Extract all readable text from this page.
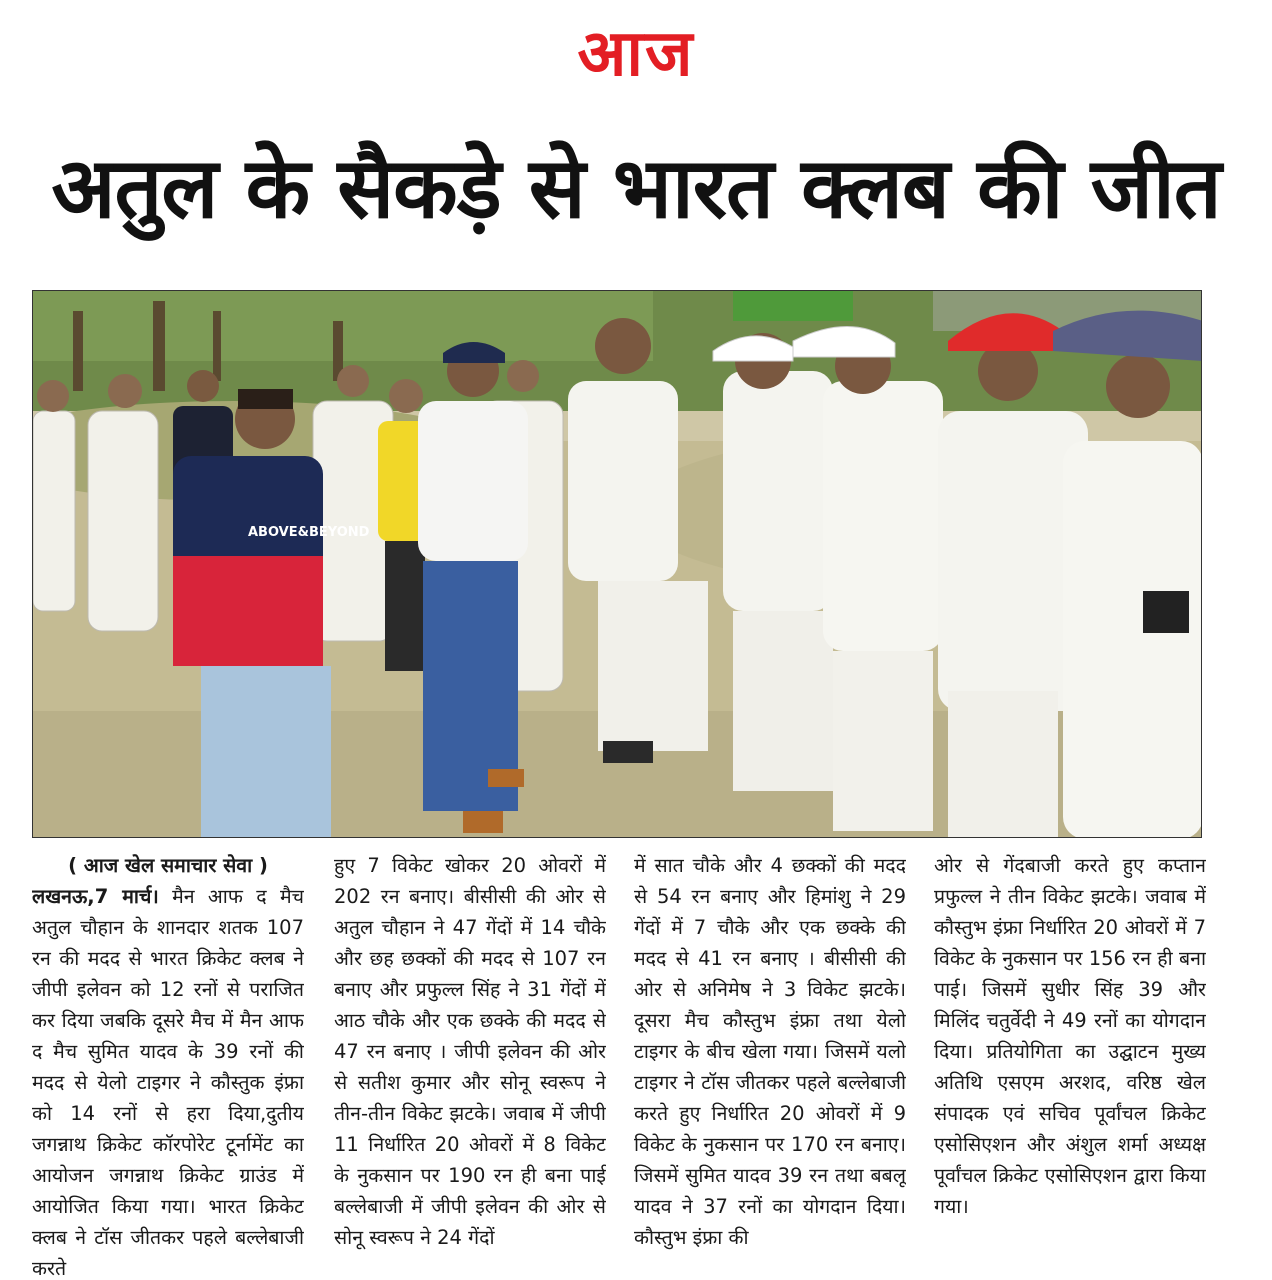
आज
अतुल के सैकड़े से भारत क्लब की जीत
ABOVE&BEYOND

( आज खेल समाचार सेवा )

लखनऊ,7 मार्च। मैन आफ द मैच अतुल चौहान के शानदार शतक 107 रन की मदद से भारत क्रिकेट क्लब ने जीपी इलेवन को 12 रनों से पराजित कर दिया जबकि दूसरे मैच में मैन आफ द मैच सुमित यादव के 39 रनों की मदद से येलो टाइगर ने कौस्तुक इंफ्रा को 14 रनों से हरा दिया,दुतीय जगन्नाथ क्रिकेट कॉरपोरेट टूर्नामेंट का आयोजन जगन्नाथ क्रिकेट ग्राउंड में आयोजित किया गया। भारत क्रिकेट क्लब ने टॉस जीतकर पहले बल्लेबाजी करते

हुए 7 विकेट खोकर 20 ओवरों में 202 रन बनाए। बीसीसी की ओर से अतुल चौहान ने 47 गेंदों में 14 चौके और छह छक्कों की मदद से 107 रन बनाए और प्रफुल्ल सिंह ने 31 गेंदों में आठ चौके और एक छक्के की मदद से 47 रन बनाए । जीपी इलेवन की ओर से सतीश कुमार और सोनू स्वरूप ने तीन-तीन विकेट झटके। जवाब में जीपी 11 निर्धारित 20 ओवरों में 8 विकेट के नुकसान पर 190 रन ही बना पाई बल्लेबाजी में जीपी इलेवन की ओर से सोनू स्वरूप ने 24 गेंदों

में सात चौके और 4 छक्कों की मदद से 54 रन बनाए और हिमांशु ने 29 गेंदों में 7 चौके और एक छक्के की मदद से 41 रन बनाए । बीसीसी की ओर से अनिमेष ने 3 विकेट झटके। दूसरा मैच कौस्तुभ इंफ्रा तथा येलो टाइगर के बीच खेला गया। जिसमें यलो टाइगर ने टॉस जीतकर पहले बल्लेबाजी करते हुए निर्धारित 20 ओवरों में 9 विकेट के नुकसान पर 170 रन बनाए। जिसमें सुमित यादव 39 रन तथा बबलू यादव ने 37 रनों का योगदान दिया। कौस्तुभ इंफ्रा की

ओर से गेंदबाजी करते हुए कप्तान प्रफुल्ल ने तीन विकेट झटके। जवाब में कौस्तुभ इंफ्रा निर्धारित 20 ओवरों में 7 विकेट के नुकसान पर 156 रन ही बना पाई। जिसमें सुधीर सिंह 39 और मिलिंद चतुर्वेदी ने 49 रनों का योगदान दिया। प्रतियोगिता का उद्घाटन मुख्य अतिथि एसएम अरशद, वरिष्ठ खेल संपादक एवं सचिव पूर्वांचल क्रिकेट एसोसिएशन और अंशुल शर्मा अध्यक्ष पूर्वांचल क्रिकेट एसोसिएशन द्वारा किया गया।
